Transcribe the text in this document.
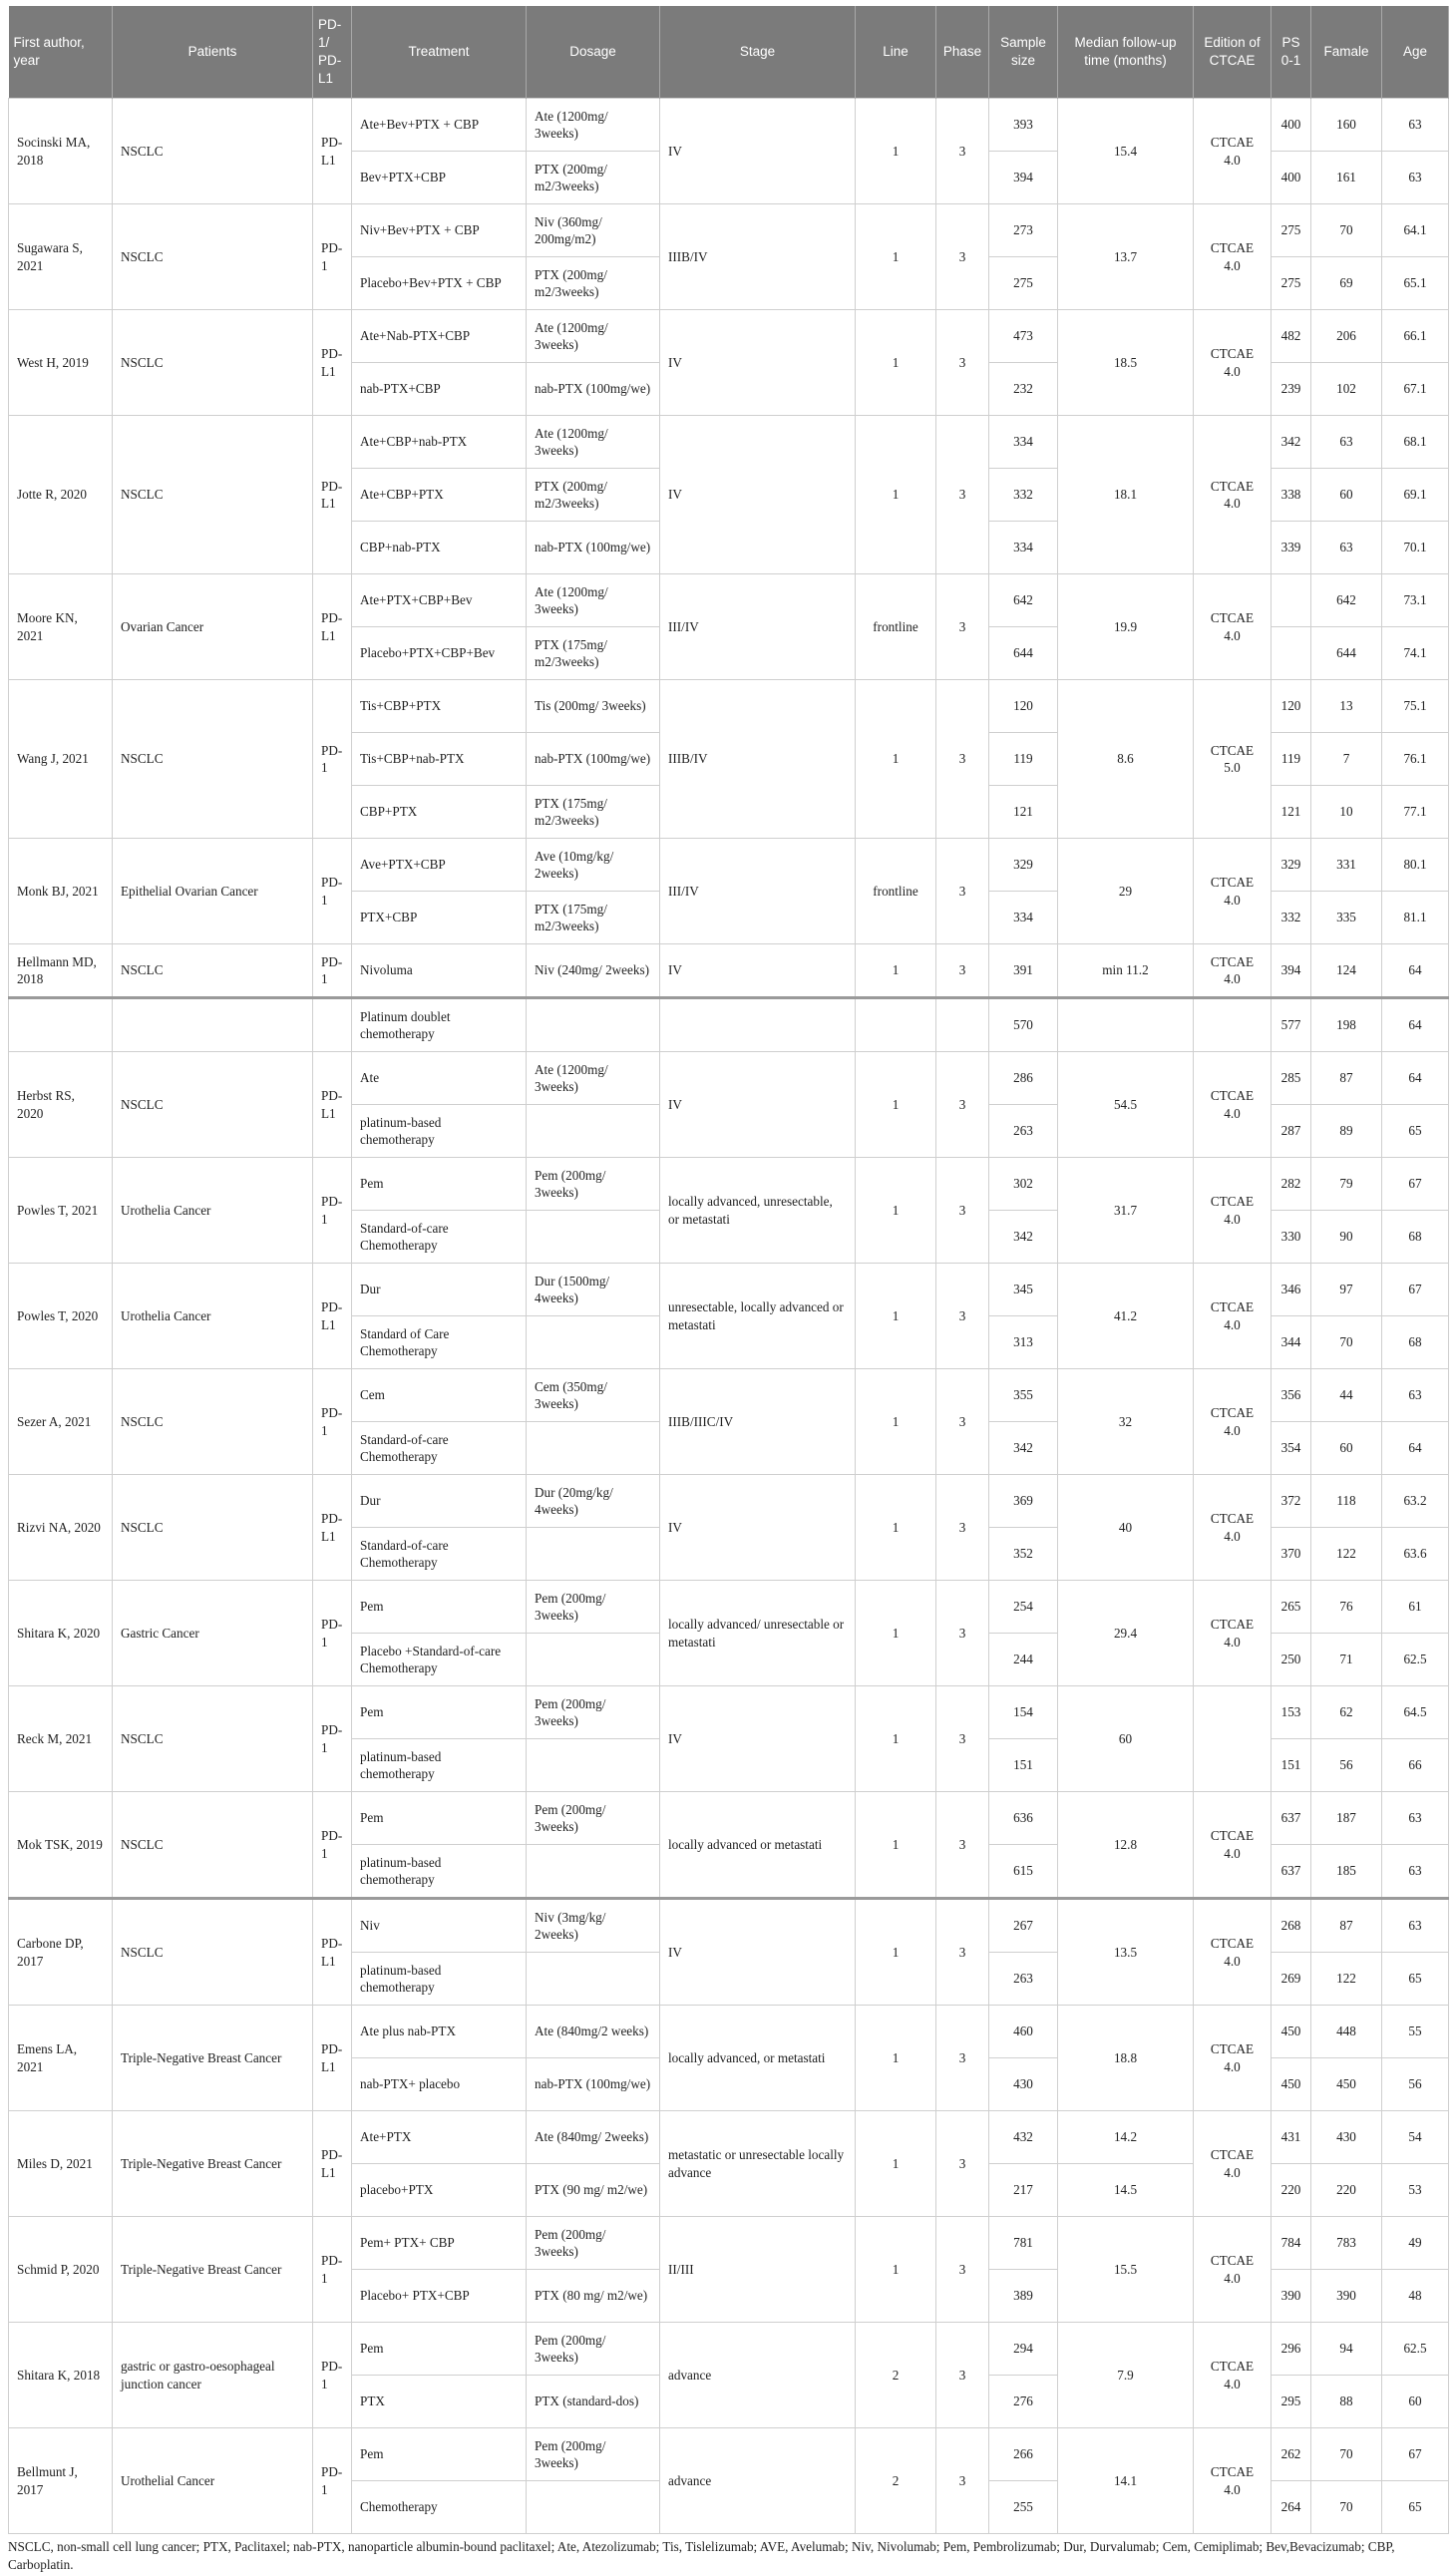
First author, year	Patients	PD-1/ PD-L1	Treatment	Dosage	Stage	Line	Phase	Sample size	Median follow-up time (months)	Edition of CTCAE	PS 0-1	Famale	Age
Socinski MA, 2018	NSCLC	PD-L1	Ate+Bev+PTX + CBP	Ate (1200mg/ 3weeks)	IV	1	3	393	15.4	CTCAE 4.0	400	160	63
			Bev+PTX+CBP	PTX (200mg/ m2/3weeks)				394			400	161	63
Sugawara S, 2021	NSCLC	PD-1	Niv+Bev+PTX + CBP	Niv (360mg/ 200mg/m2)	IIIB/IV	1	3	273	13.7	CTCAE 4.0	275	70	64.1
			Placebo+Bev+PTX + CBP	PTX (200mg/ m2/3weeks)				275			275	69	65.1
West H, 2019	NSCLC	PD-L1	Ate+Nab-PTX+CBP	Ate (1200mg/ 3weeks)	IV	1	3	473	18.5	CTCAE 4.0	482	206	66.1
			nab-PTX+CBP	nab-PTX (100mg/we)				232			239	102	67.1
Jotte R, 2020	NSCLC	PD-L1	Ate+CBP+nab-PTX	Ate (1200mg/ 3weeks)	IV	1	3	334	18.1	CTCAE 4.0	342	63	68.1
			Ate+CBP+PTX	PTX (200mg/ m2/3weeks)				332			338	60	69.1
			CBP+nab-PTX	nab-PTX (100mg/we)				334			339	63	70.1
Moore KN, 2021	Ovarian Cancer	PD-L1	Ate+PTX+CBP+Bev	Ate (1200mg/ 3weeks)	III/IV	frontline	3	642	19.9	CTCAE 4.0		642	73.1
			Placebo+PTX+CBP+Bev	PTX (175mg/ m2/3weeks)				644				644	74.1
Wang J, 2021	NSCLC	PD-1	Tis+CBP+PTX	Tis (200mg/ 3weeks)	IIIB/IV	1	3	120	8.6	CTCAE 5.0	120	13	75.1
			Tis+CBP+nab-PTX	nab-PTX (100mg/we)				119			119	7	76.1
			CBP+PTX	PTX (175mg/ m2/3weeks)				121			121	10	77.1
Monk BJ, 2021	Epithelial Ovarian Cancer	PD-1	Ave+PTX+CBP	Ave (10mg/kg/ 2weeks)	III/IV	frontline	3	329	29	CTCAE 4.0	329	331	80.1
			PTX+CBP	PTX (175mg/ m2/3weeks)				334			332	335	81.1
Hellmann MD, 2018	NSCLC	PD-1	Nivoluma	Niv (240mg/ 2weeks)	IV	1	3	391	min 11.2	CTCAE 4.0	394	124	64
			Platinum doublet chemotherapy					570			577	198	64
Herbst RS, 2020	NSCLC	PD-L1	Ate	Ate (1200mg/ 3weeks)	IV	1	3	286	54.5	CTCAE 4.0	285	87	64
			platinum-based chemotherapy					263			287	89	65
Powles T, 2021	Urothelia Cancer	PD-1	Pem	Pem (200mg/ 3weeks)	locally advanced, unresectable, or metastati	1	3	302	31.7	CTCAE 4.0	282	79	67
			Standard-of-care Chemotherapy					342			330	90	68
Powles T, 2020	Urothelia Cancer	PD-L1	Dur	Dur (1500mg/ 4weeks)	unresectable, locally advanced or metastati	1	3	345	41.2	CTCAE 4.0	346	97	67
			Standard of Care Chemotherapy					313			344	70	68
Sezer A, 2021	NSCLC	PD-1	Cem	Cem (350mg/ 3weeks)	IIIB/IIIC/IV	1	3	355	32	CTCAE 4.0	356	44	63
			Standard-of-care Chemotherapy					342			354	60	64
Rizvi NA, 2020	NSCLC	PD-L1	Dur	Dur (20mg/kg/ 4weeks)	IV	1	3	369	40	CTCAE 4.0	372	118	63.2
			Standard-of-care Chemotherapy					352			370	122	63.6
Shitara K, 2020	Gastric Cancer	PD-1	Pem	Pem (200mg/ 3weeks)	locally advanced/ unresectable or metastati	1	3	254	29.4	CTCAE 4.0	265	76	61
			Placebo +Standard-of-care Chemotherapy					244			250	71	62.5
Reck M, 2021	NSCLC	PD-1	Pem	Pem (200mg/ 3weeks)	IV	1	3	154	60		153	62	64.5
			platinum-based chemotherapy					151			151	56	66
Mok TSK, 2019	NSCLC	PD-1	Pem	Pem (200mg/ 3weeks)	locally advanced or metastati	1	3	636	12.8	CTCAE 4.0	637	187	63
			platinum-based chemotherapy					615			637	185	63
Carbone DP, 2017	NSCLC	PD-L1	Niv	Niv (3mg/kg/ 2weeks)	IV	1	3	267	13.5	CTCAE 4.0	268	87	63
			platinum-based chemotherapy					263			269	122	65
Emens LA, 2021	Triple-Negative Breast Cancer	PD-L1	Ate plus nab-PTX	Ate (840mg/2 weeks)	locally advanced, or metastati	1	3	460	18.8	CTCAE 4.0	450	448	55
			nab-PTX+ placebo	nab-PTX (100mg/we)				430			450	450	56
Miles D, 2021	Triple-Negative Breast Cancer	PD-L1	Ate+PTX	Ate (840mg/ 2weeks)	metastatic or unresectable locally advance	1	3	432	14.2	CTCAE 4.0	431	430	54
			placebo+PTX	PTX (90 mg/ m2/we)				217	14.5		220	220	53
Schmid P, 2020	Triple-Negative Breast Cancer	PD-1	Pem+ PTX+ CBP	Pem (200mg/ 3weeks)	II/III	1	3	781	15.5	CTCAE 4.0	784	783	49
			Placebo+ PTX+CBP	PTX (80 mg/ m2/we)				389			390	390	48
Shitara K, 2018	gastric or gastro-oesophageal junction cancer	PD-1	Pem	Pem (200mg/ 3weeks)	advance	2	3	294	7.9	CTCAE 4.0	296	94	62.5
			PTX	PTX (standard-dos)				276			295	88	60
Bellmunt J, 2017	Urothelial Cancer	PD-1	Pem	Pem (200mg/ 3weeks)	advance	2	3	266	14.1	CTCAE 4.0	262	70	67
			Chemotherapy					255			264	70	65
NSCLC, non-small cell lung cancer; PTX, Paclitaxel; nab-PTX, nanoparticle albumin-bound paclitaxel; Ate, Atezolizumab; Tis, Tislelizumab; AVE, Avelumab; Niv, Nivolumab; Pem, Pembrolizumab; Dur, Durvalumab; Cem, Cemiplimab; Bev,Bevacizumab; CBP, Carboplatin.
